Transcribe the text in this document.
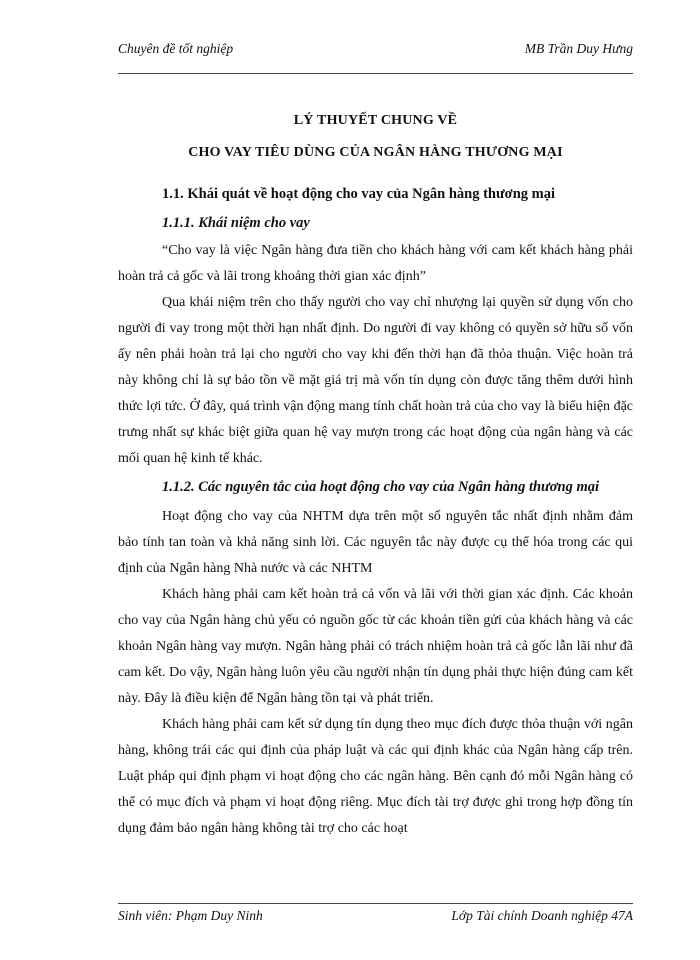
Chuyên đề tốt nghiệp	MB Trần Duy Hưng
LÝ THUYẾT CHUNG VỀ
CHO VAY TIÊU DÙNG CỦA NGÂN HÀNG THƯƠNG MẠI
1.1. Khái quát về hoạt động cho vay của Ngân hàng thương mại
1.1.1. Khái niệm cho vay

“Cho vay là việc Ngân hàng đưa tiền cho khách hàng với cam kết khách hàng phải hoàn trả cả gốc và lãi trong khoảng thời gian xác định”

Qua khái niệm trên cho thấy người cho vay chỉ nhượng lại quyền sử dụng vốn cho người đi vay trong một thời hạn nhất định. Do người đi vay không có quyền sở hữu số vốn ấy nên phải hoàn trả lại cho người cho vay khi đến thời hạn đã thỏa thuận. Việc hoàn trả này không chỉ là sự bảo tồn về mặt giá trị mà vốn tín dụng còn được tăng thêm dưới hình thức lợi tức. Ở đây, quá trình vận động mang tính chất hoàn trả của cho vay là biểu hiện đặc trưng nhất sự khác biệt giữa quan hệ vay mượn trong các hoạt động của ngân hàng và các mối quan hệ kinh tế khác.

1.1.2. Các nguyên tắc của hoạt động cho vay của Ngân hàng thương mại

Hoạt động cho vay của NHTM dựa trên một số nguyên tắc nhất định nhằm đảm bảo tính tan toàn và khả năng sinh lời. Các nguyên tắc này được cụ thể hóa trong các qui định của Ngân hàng Nhà nước và các NHTM

Khách hàng phải cam kết hoàn trả cả vốn và lãi với thời gian xác định. Các khoản cho vay của Ngân hàng chủ yếu có nguồn gốc từ các khoản tiền gửi của khách hàng và các khoản Ngân hàng vay mượn. Ngân hàng phải có trách nhiệm hoàn trả cả gốc lẫn lãi như đã cam kết. Do vậy, Ngân hàng luôn yêu cầu người nhận tín dụng phải thực hiện đúng cam kết này. Đây là điều kiện để Ngân hàng tồn tại và phát triển.

Khách hàng phải cam kết sử dụng tín dụng theo mục đích được thỏa thuận với ngân hàng, không trái các qui định của pháp luật và các qui định khác của Ngân hàng cấp trên. Luật pháp qui định phạm vi hoạt động cho các ngân hàng. Bên cạnh đó mỗi Ngân hàng có thể có mục đích và phạm vi hoạt động riêng. Mục đích tài trợ được ghi trong hợp đồng tín dụng đảm bảo ngân hàng không tài trợ cho các hoạt

Sinh viên: Phạm Duy Ninh	Lớp Tài chính Doanh nghiệp 47A
